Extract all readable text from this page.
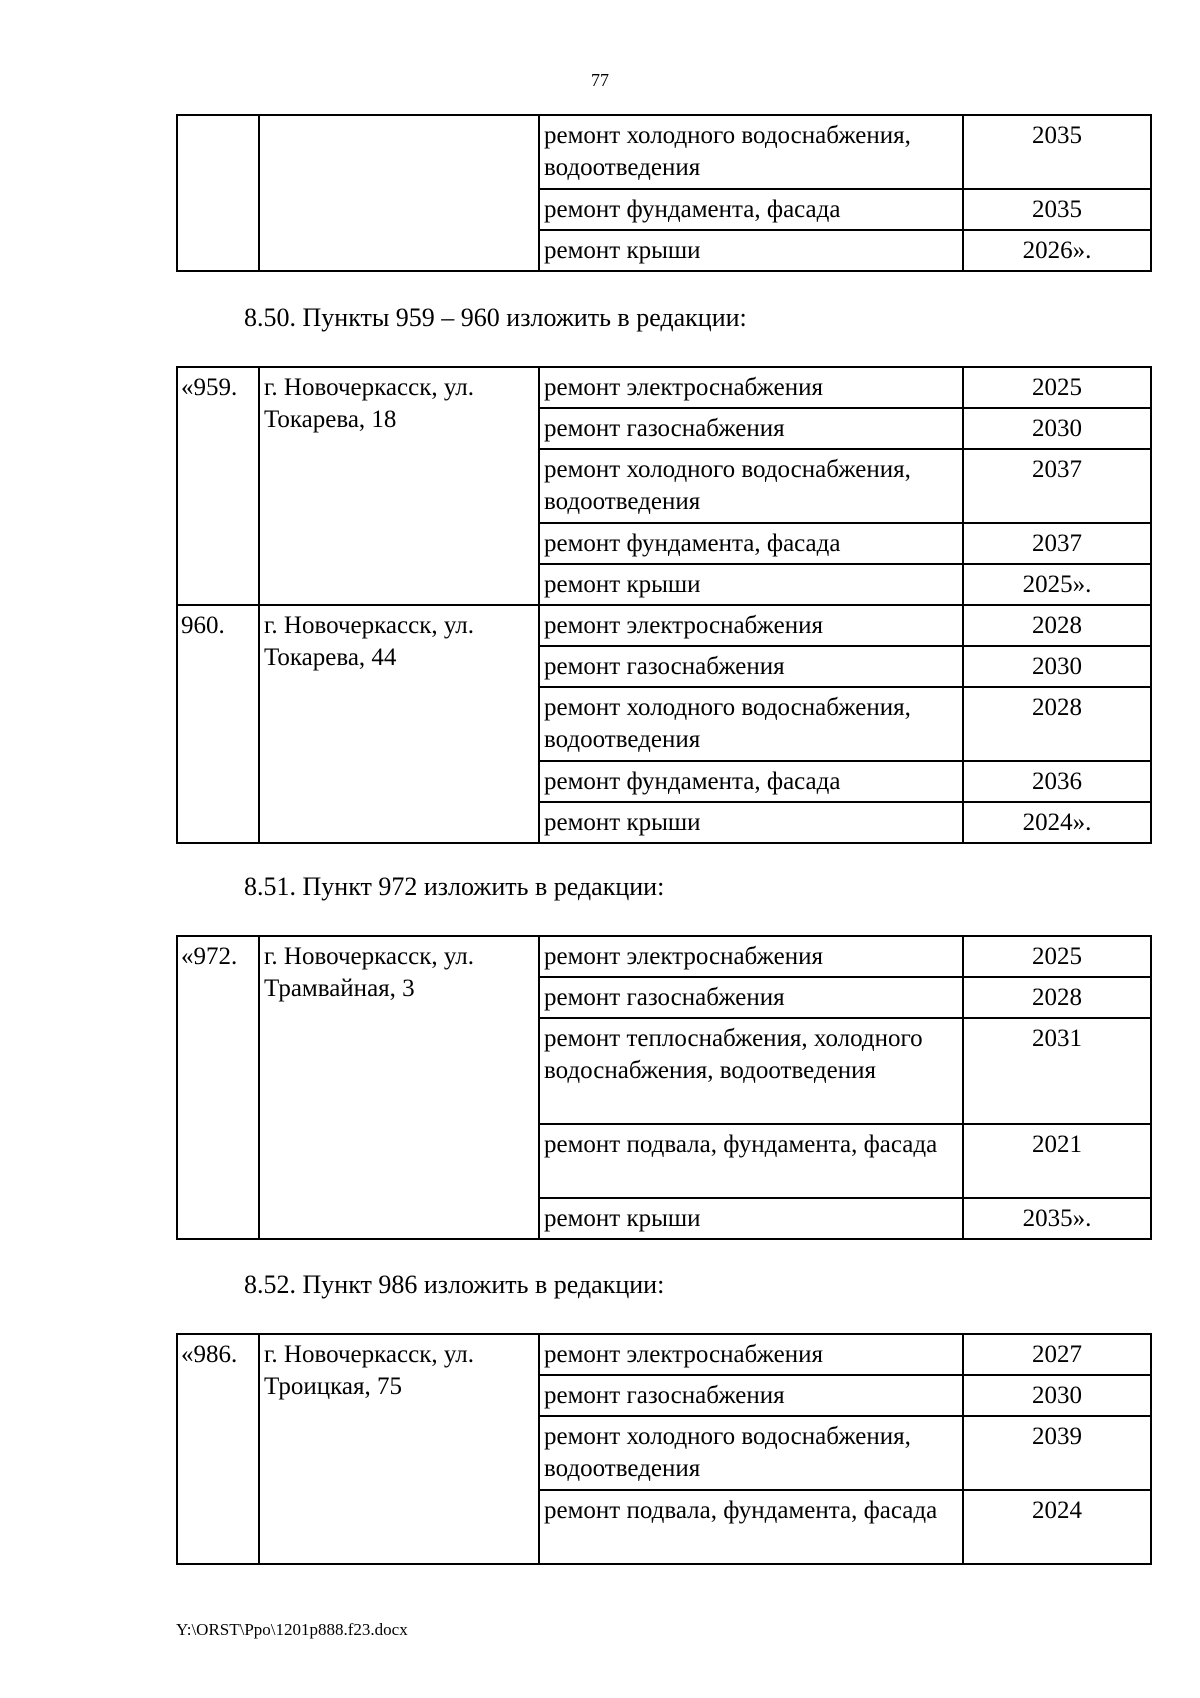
77
		ремонт холодного водоснабжения, водоотведения	2035
		ремонт фундамента, фасада	2035
		ремонт крыши	2026».
8.50. Пункты 959 – 960 изложить в редакции:
«959.	г. Новочеркасск, ул. Токарева, 18	ремонт электроснабжения	2025
		ремонт газоснабжения	2030
		ремонт холодного водоснабжения, водоотведения	2037
		ремонт фундамента, фасада	2037
		ремонт крыши	2025».
960.	г. Новочеркасск, ул. Токарева, 44	ремонт электроснабжения	2028
		ремонт газоснабжения	2030
		ремонт холодного водоснабжения, водоотведения	2028
		ремонт фундамента, фасада	2036
		ремонт крыши	2024».
8.51. Пункт 972 изложить в редакции:
«972.	г. Новочеркасск, ул. Трамвайная, 3	ремонт электроснабжения	2025
		ремонт газоснабжения	2028
		ремонт теплоснабжения, холодного водоснабжения, водоотведения	2031
		ремонт подвала, фундамента, фасада	2021
		ремонт крыши	2035».
8.52. Пункт 986 изложить в редакции:
«986.	г. Новочеркасск, ул. Троицкая, 75	ремонт электроснабжения	2027
		ремонт газоснабжения	2030
		ремонт холодного водоснабжения, водоотведения	2039
		ремонт подвала, фундамента, фасада	2024
Y:\ORST\Ppo\1201p888.f23.docx
